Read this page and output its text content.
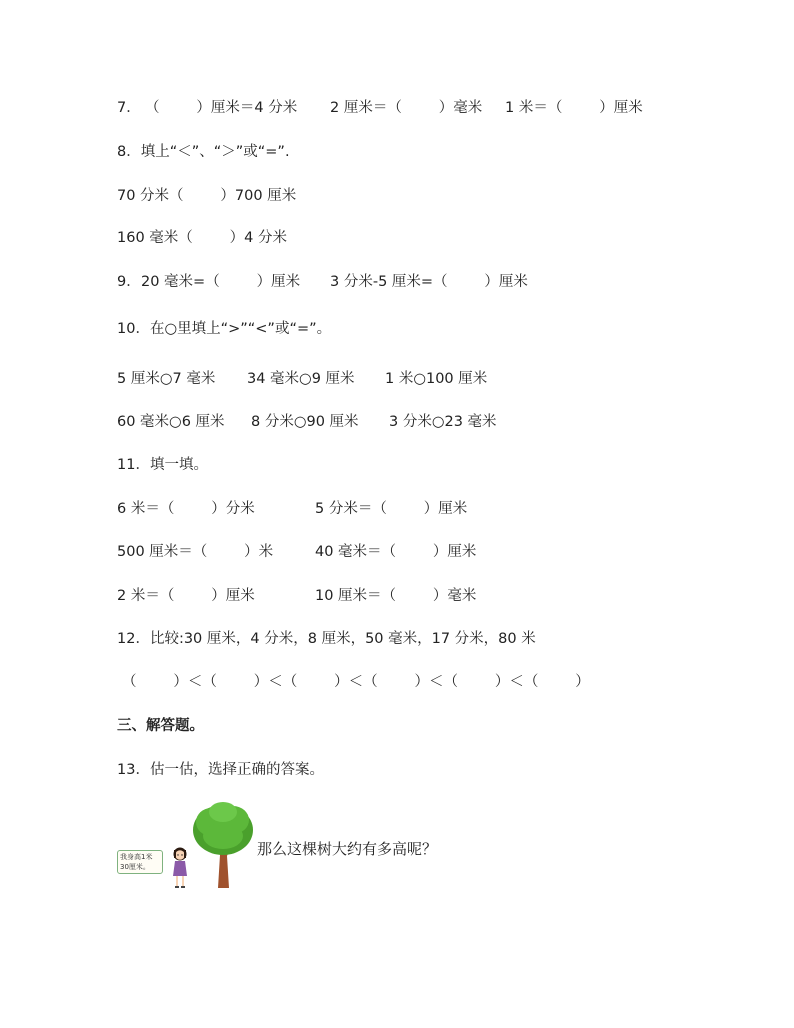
7．

（        ）厘米＝4 分米

2 厘米＝（        ）毫米

1 米＝（        ）厘米

8．填上“＜”、“＞”或“=”.
70 分米（        ）700 厘米
160 毫米（        ）4 分米

9．

20 毫米=（        ）厘米

3 分米-5 厘米=（        ）厘米

10．在○里填上“>”“<”或“=”。

5 厘米○7 毫米

34 毫米○9 厘米

1 米○100 厘米

60 毫米○6 厘米

8 分米○90 厘米

3 分米○23 毫米

11．填一填。

6 米＝（        ）分米

	5 分米＝（        ）厘米

500 厘米＝（        ）米

	40 毫米＝（        ）厘米

2 米＝（        ）厘米

	10 厘米＝（        ）毫米

12．比较:30 厘米，4 分米，8 厘米，50 毫米，17 分米，80 米
（        ）＜（        ）＜（        ）＜（        ）＜（        ）＜（        ）
三、解答题。
13．估一估，选择正确的答案。
我身高1米
30厘米。
那么这棵树大约有多高呢？
